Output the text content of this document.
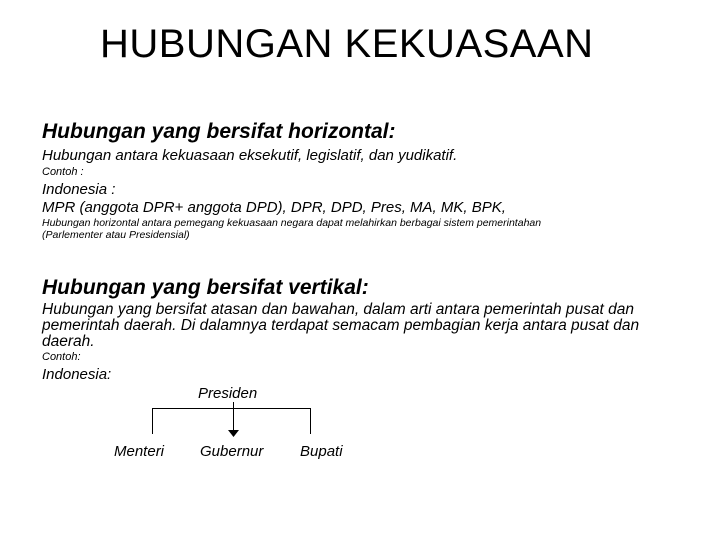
HUBUNGAN KEKUASAAN
Hubungan yang bersifat horizontal:
Hubungan antara kekuasaan eksekutif, legislatif, dan yudikatif.
Contoh :
Indonesia :
MPR (anggota DPR+ anggota DPD), DPR, DPD, Pres, MA, MK, BPK,
Hubungan horizontal antara pemegang kekuasaan negara dapat melahirkan berbagai sistem pemerintahan
(Parlementer atau Presidensial)
Hubungan yang bersifat vertikal:
Hubungan yang bersifat atasan dan bawahan, dalam arti antara pemerintah pusat dan pemerintah daerah. Di dalamnya terdapat semacam pembagian kerja antara pusat dan daerah.
Contoh:
Indonesia:
Presiden
Menteri Gubernur Bupati
